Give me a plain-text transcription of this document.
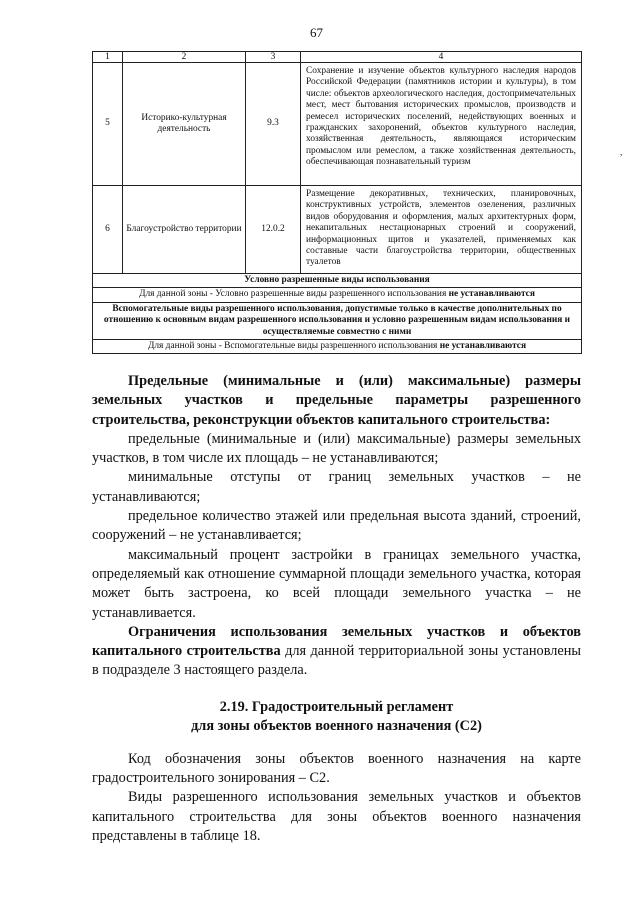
67
1	2	3	4
5	Историко-культурная деятельность	9.3	Сохранение и изучение объектов культурного наследия народов Российской Федерации (памятников истории и культуры), в том числе: объектов археологического наследия, достопримечательных мест, мест бытования исторических промыслов, производств и ремесел исторических поселений, недействующих военных и гражданских захоронений, объектов культурного наследия, хозяйственная деятельность, являющаяся историческим промыслом или ремеслом, а также хозяйственная деятельность, обеспечивающая познавательный туризм
6	Благоустройство территории	12.0.2	Размещение декоративных, технических, планировочных, конструктивных устройств, элементов озеленения, различных видов оборудования и оформления, малых архитектурных форм, некапитальных нестационарных строений и сооружений, информационных щитов и указателей, применяемых как составные части благоустройства территории, общественных туалетов
Условно разрешенные виды использования			
Для данной зоны - Условно разрешенные виды разрешенного использования не устанавливаются			
Вспомогательные виды разрешенного использования, допустимые только в качестве дополнительных по отношению к основным видам разрешенного использования и условно разрешенным видам использования и осуществляемые совместно с ними			
Для данной зоны - Вспомогательные виды разрешенного использования не устанавливаются			
,

Предельные (минимальные и (или) максимальные) размеры земельных участков и предельные параметры разрешенного строительства, реконструкции объектов капитального строительства:

предельные (минимальные и (или) максимальные) размеры земельных участков, в том числе их площадь – не устанавливаются;

минимальные отступы от границ земельных участков – не устанавливаются;

предельное количество этажей или предельная высота зданий, строений, сооружений – не устанавливается;

максимальный процент застройки в границах земельного участка, определяемый как отношение суммарной площади земельного участка, которая может быть застроена, ко всей площади земельного участка – не устанавливается.

Ограничения использования земельных участков и объектов капитального строительства для данной территориальной зоны установлены в подразделе 3 настоящего раздела.

2.19. Градостроительный регламент
для зоны объектов военного назначения (С2)

Код обозначения зоны объектов военного назначения на карте градостроительного зонирования – С2.

Виды разрешенного использования земельных участков и объектов капитального строительства для зоны объектов военного назначения представлены в таблице 18.
